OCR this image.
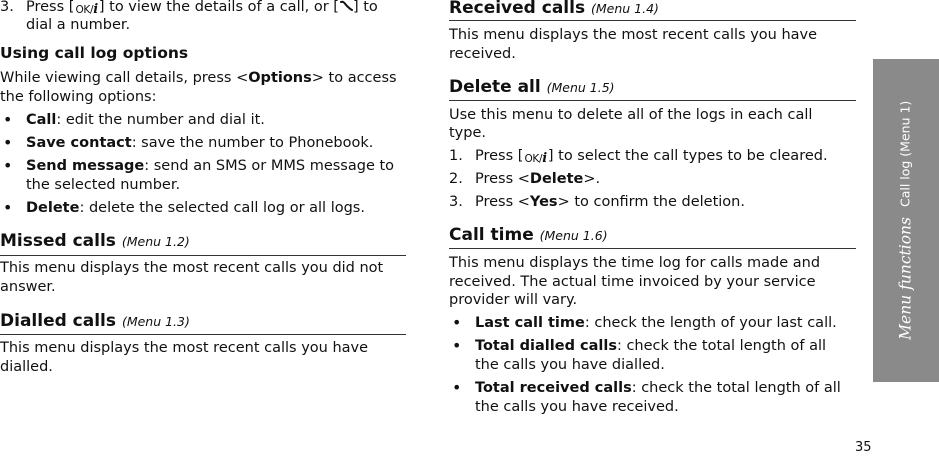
3. Press [OK/i] to view the details of a call, or [ ] to
dial a number.
Using call log options
While viewing call details, press <Options> to access
the following options:
• Call: edit the number and dial it.
• Save contact: save the number to Phonebook.
• Send message: send an SMS or MMS message to
the selected number.
• Delete: delete the selected call log or all logs.
Missed calls (Menu 1.2)
This menu displays the most recent calls you did not
answer.
Dialled calls (Menu 1.3)
This menu displays the most recent calls you have
dialled.
Received calls (Menu 1.4)
This menu displays the most recent calls you have
received.
Delete all (Menu 1.5)
Use this menu to delete all of the logs in each call
type.
1. Press [OK/i] to select the call types to be cleared.
2. Press <Delete>.
3. Press <Yes> to confirm the deletion.
Call time (Menu 1.6)
This menu displays the time log for calls made and
received. The actual time invoiced by your service
provider will vary.
• Last call time: check the length of your last call.
• Total dialled calls: check the total length of all
the calls you have dialled.
• Total received calls: check the total length of all
the calls you have received.
Menu functions
Call log (Menu 1)
35
